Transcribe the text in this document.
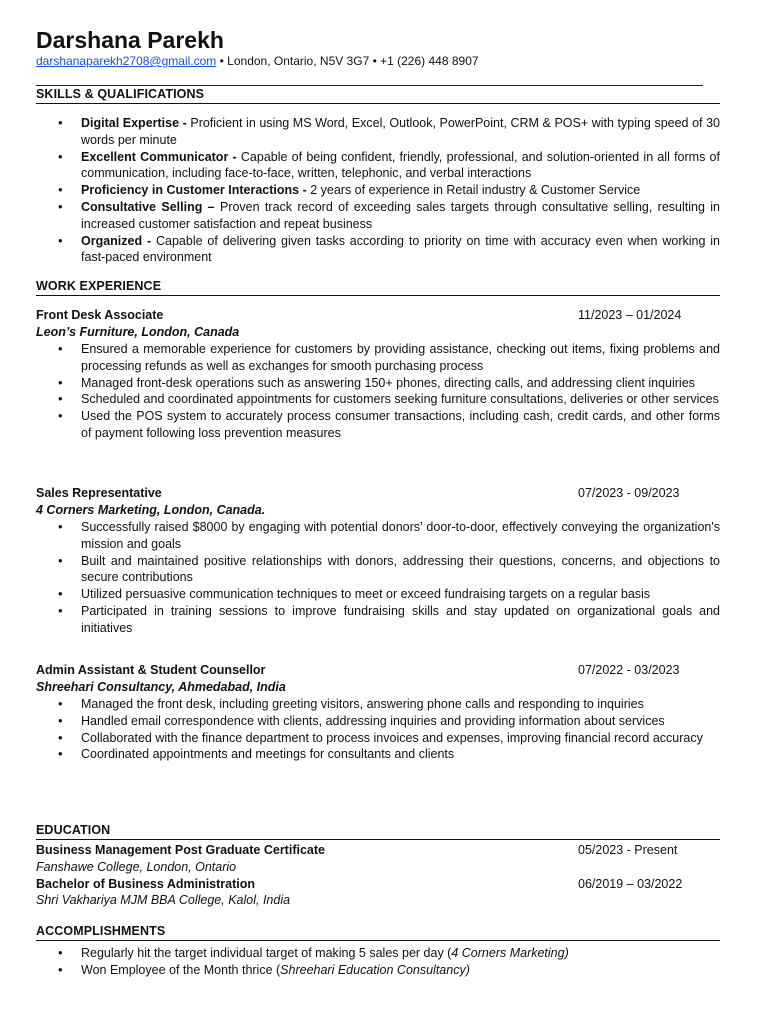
Darshana Parekh
darshanaparekh2708@gmail.com • London, Ontario, N5V 3G7 • +1 (226) 448 8907
SKILLS & QUALIFICATIONS
• Digital Expertise - Proficient in using MS Word, Excel, Outlook, PowerPoint, CRM & POS+ with typing speed of 30 words per minute
• Excellent Communicator - Capable of being confident, friendly, professional, and solution-oriented in all forms of communication, including face-to-face, written, telephonic, and verbal interactions
• Proficiency in Customer Interactions - 2 years of experience in Retail industry & Customer Service
• Consultative Selling – Proven track record of exceeding sales targets through consultative selling, resulting in increased customer satisfaction and repeat business
• Organized - Capable of delivering given tasks according to priority on time with accuracy even when working in fast-paced environment
WORK EXPERIENCE
Front Desk Associate	11/2023 – 01/2024
Leon’s Furniture, London, Canada
• Ensured a memorable experience for customers by providing assistance, checking out items, fixing problems and processing refunds as well as exchanges for smooth purchasing process
• Managed front-desk operations such as answering 150+ phones, directing calls, and addressing client inquiries
• Scheduled and coordinated appointments for customers seeking furniture consultations, deliveries or other services
• Used the POS system to accurately process consumer transactions, including cash, credit cards, and other forms of payment following loss prevention measures
Sales Representative	07/2023 - 09/2023
4 Corners Marketing, London, Canada.
• Successfully raised $8000 by engaging with potential donors’ door-to-door, effectively conveying the organization's mission and goals
• Built and maintained positive relationships with donors, addressing their questions, concerns, and objections to secure contributions
• Utilized persuasive communication techniques to meet or exceed fundraising targets on a regular basis
• Participated in training sessions to improve fundraising skills and stay updated on organizational goals and initiatives
Admin Assistant & Student Counsellor	07/2022 - 03/2023
Shreehari Consultancy, Ahmedabad, India
• Managed the front desk, including greeting visitors, answering phone calls and responding to inquiries
• Handled email correspondence with clients, addressing inquiries and providing information about services
• Collaborated with the finance department to process invoices and expenses, improving financial record accuracy
• Coordinated appointments and meetings for consultants and clients
EDUCATION
Business Management Post Graduate Certificate	05/2023 - Present
Fanshawe College, London, Ontario
Bachelor of Business Administration	06/2019 – 03/2022
Shri Vakhariya MJM BBA College, Kalol, India
ACCOMPLISHMENTS
• Regularly hit the target individual target of making 5 sales per day (4 Corners Marketing)
• Won Employee of the Month thrice (Shreehari Education Consultancy)
